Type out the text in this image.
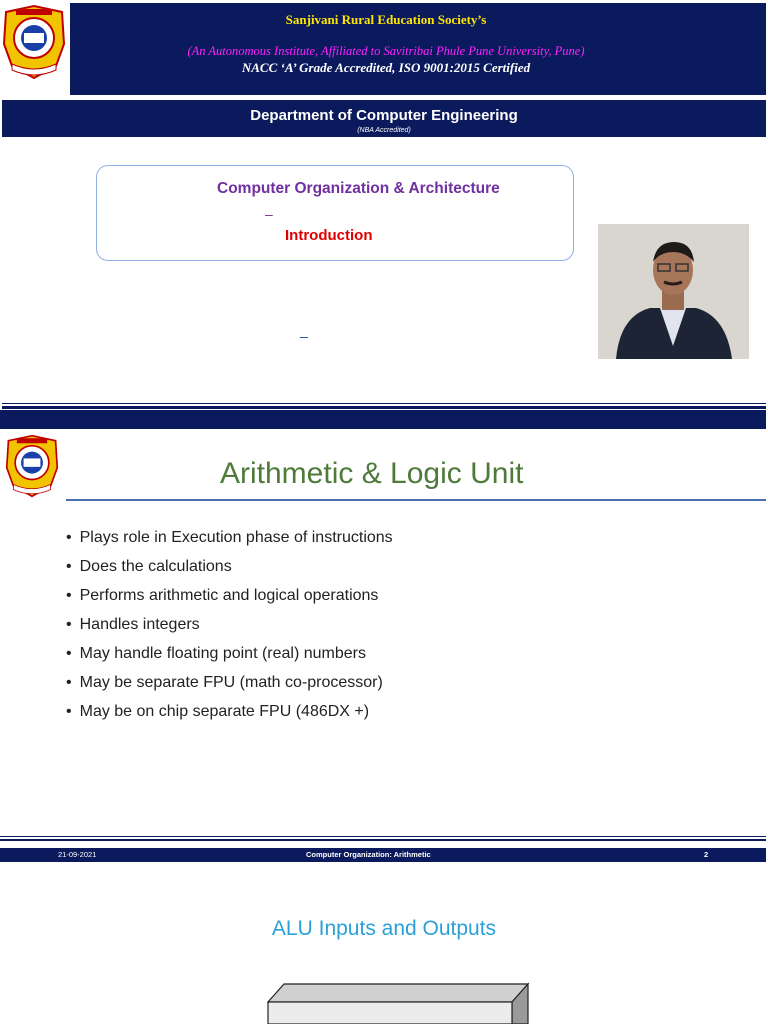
Sanjivani Rural Education Society’s
(An Autonomous Institute, Affiliated to Savitribai Phule Pune University, Pune)
NACC ‘A’ Grade Accredited, ISO 9001:2015 Certified
Department of Computer Engineering
(NBA Accredited)
Computer Organization & Architecture
–
Introduction
_
Arithmetic & Logic Unit
• Plays role in Execution phase of instructions
• Does the calculations
• Performs arithmetic and logical operations
• Handles integers
• May handle floating point (real) numbers
• May be separate FPU (math co-processor)
• May be on chip separate FPU (486DX +)
21-09-2021	Computer Organization: Arithmetic	2
ALU Inputs and Outputs
